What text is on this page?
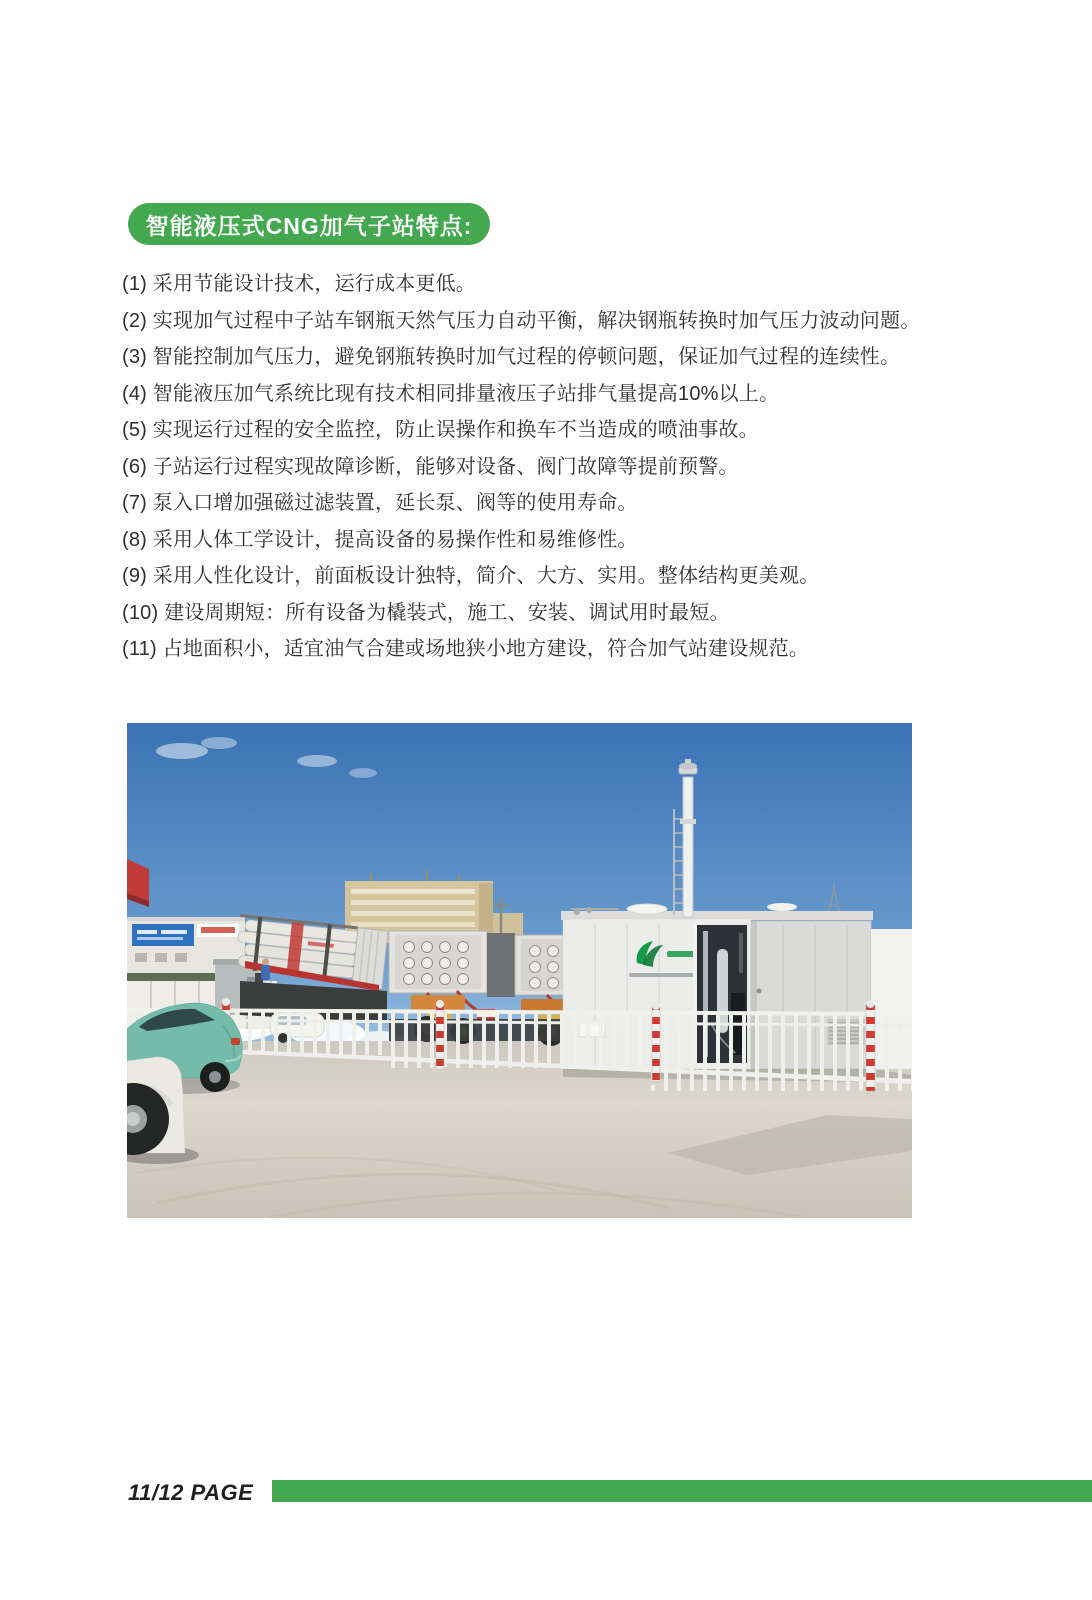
智能液压式CNG加气子站特点:
(1) 采用节能设计技术，运行成本更低。
(2) 实现加气过程中子站车钢瓶天然气压力自动平衡，解决钢瓶转换时加气压力波动问题。
(3) 智能控制加气压力，避免钢瓶转换时加气过程的停顿问题，保证加气过程的连续性。
(4) 智能液压加气系统比现有技术相同排量液压子站排气量提高10%以上。
(5) 实现运行过程的安全监控，防止误操作和换车不当造成的喷油事故。
(6) 子站运行过程实现故障诊断，能够对设备、阀门故障等提前预警。
(7) 泵入口增加强磁过滤装置，延长泵、阀等的使用寿命。
(8) 采用人体工学设计，提高设备的易操作性和易维修性。
(9) 采用人性化设计，前面板设计独特，简介、大方、实用。整体结构更美观。
(10) 建设周期短：所有设备为橇装式，施工、安装、调试用时最短。
(11) 占地面积小，适宜油气合建或场地狭小地方建设，符合加气站建设规范。
11/12 PAGE
